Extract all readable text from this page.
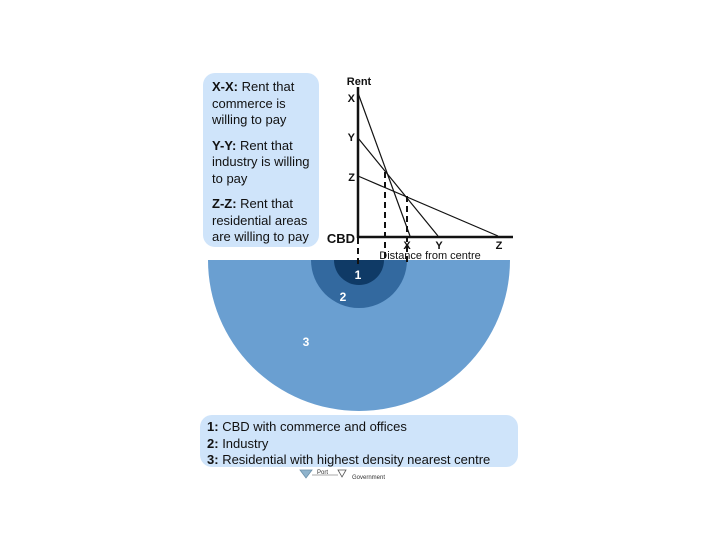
1
2
3
Rent
CBD
Distance from centre
X
Y
Z
X Y	Z
Port
Government
X-X: Rent that commerce is willing to pay
Y-Y: Rent that industry is willing to pay
Z-Z: Rent that residential areas are willing to pay
1: CBD with commerce and offices
2: Industry
3: Residential with highest density nearest centre
